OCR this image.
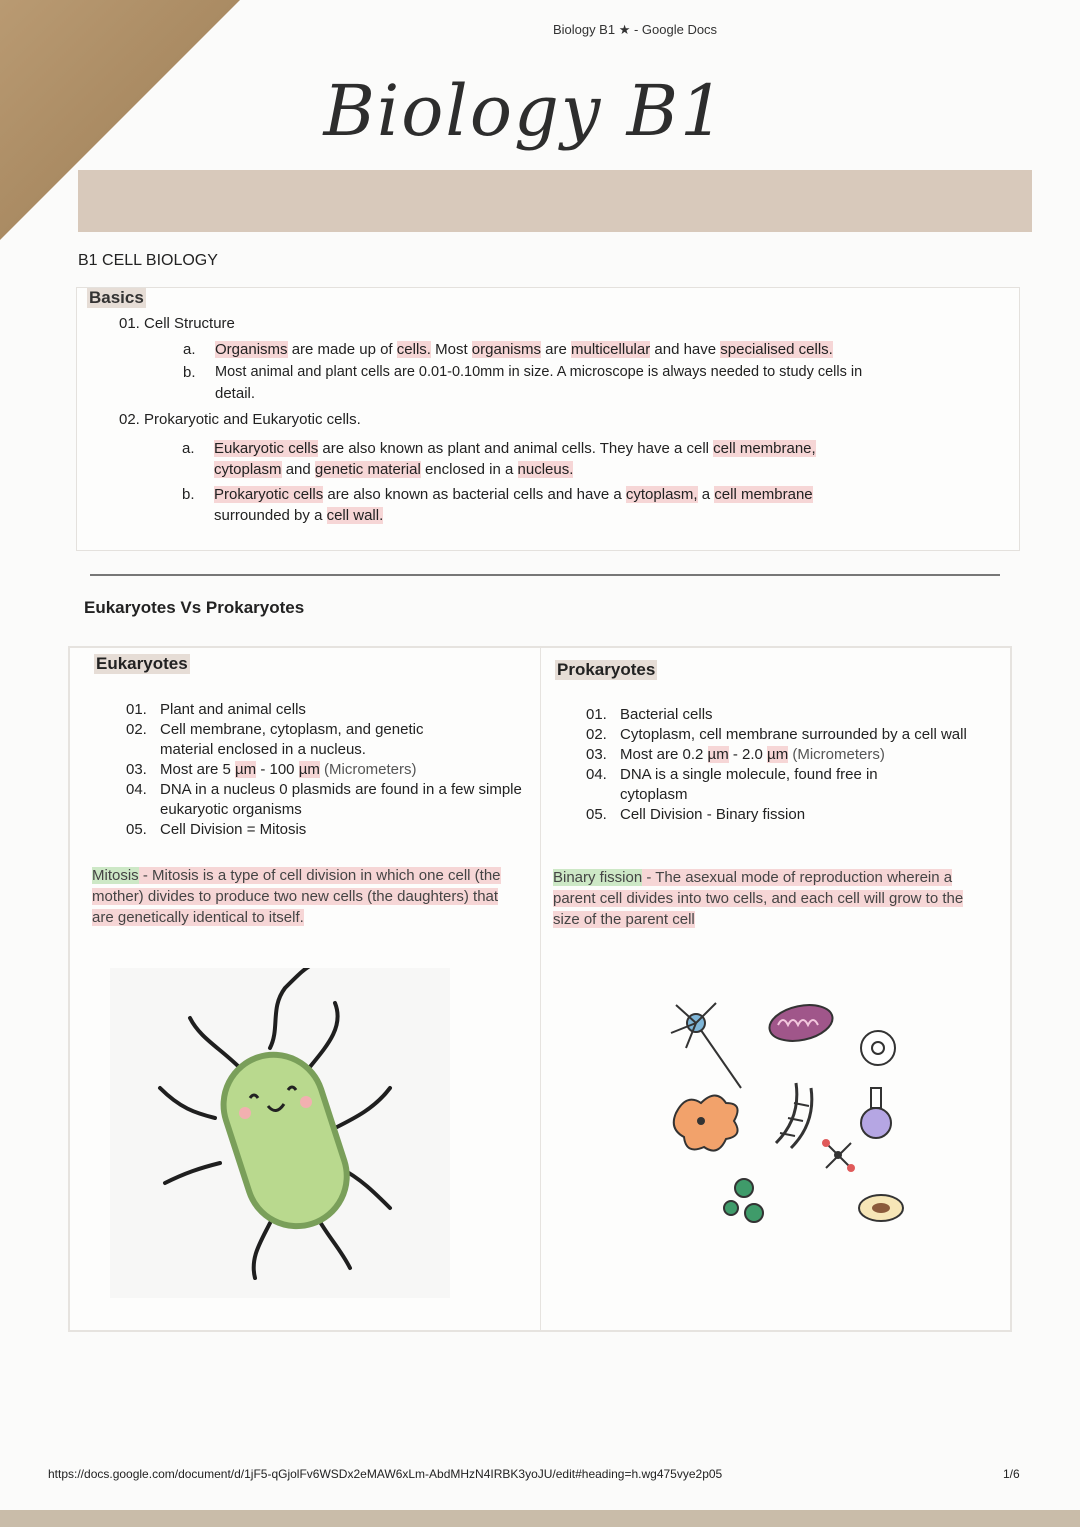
Biology B1 ★ - Google Docs
Biology B1
B1 CELL BIOLOGY
Basics
01. Cell Structure
a. Organisms are made up of cells. Most organisms are multicellular and have specialised cells.
b. Most animal and plant cells are 0.01-0.10mm in size. A microscope is always needed to study cells in
detail.
02. Prokaryotic and Eukaryotic cells.
a. Eukaryotic cells are also known as plant and animal cells. They have a cell cell membrane,
cytoplasm and genetic material enclosed in a nucleus.
b. Prokaryotic cells are also known as bacterial cells and have a cytoplasm, a cell membrane
surrounded by a cell wall.
Eukaryotes Vs Prokaryotes
Eukaryotes
01. Plant and animal cells
02. Cell membrane, cytoplasm, and genetic material enclosed in a nucleus.
03. Most are 5 µm - 100 µm (Micrometers)
04. DNA in a nucleus 0 plasmids are found in a few simple eukaryotic organisms
05. Cell Division = Mitosis
Mitosis - Mitosis is a type of cell division in which one cell (the mother) divides to produce two new cells (the daughters) that are genetically identical to itself.
Prokaryotes
01. Bacterial cells
02. Cytoplasm, cell membrane surrounded by a cell wall
03. Most are 0.2 µm - 2.0 µm (Micrometers)
04. DNA is a single molecule, found free in cytoplasm
05. Cell Division - Binary fission
Binary fission - The asexual mode of reproduction wherein a parent cell divides into two cells, and each cell will grow to the size of the parent cell
https://docs.google.com/document/d/1jF5-qGjolFv6WSDx2eMAW6xLm-AbdMHzN4IRBK3yoJU/edit#heading=h.wg475vye2p05	1/6
